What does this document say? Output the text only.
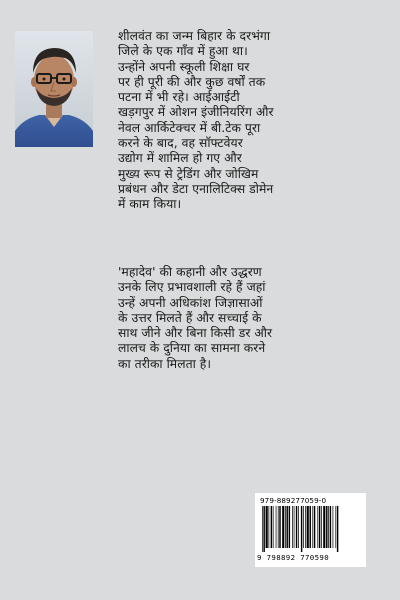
शीलवंत का जन्म बिहार के दरभंगा
जिले के एक गाँव में हुआ था।
उन्होंने अपनी स्कूली शिक्षा घर
पर ही पूरी की और कुछ वर्षों तक
पटना में भी रहे। आईआईटी
खड़गपुर में ओशन इंजीनियरिंग और
नेवल आर्किटेक्चर में बी.टेक पूरा
करने के बाद, वह सॉफ्टवेयर
उद्योग में शामिल हो गए और
मुख्य रूप से ट्रेडिंग और जोखिम
प्रबंधन और डेटा एनालिटिक्स डोमेन
में काम किया।

'महादेव' की कहानी और उद्धरण
उनके लिए प्रभावशाली रहे हैं जहां
उन्हें अपनी अधिकांश जिज्ञासाओं
के उत्तर मिलते हैं और सच्चाई के
साथ जीने और बिना किसी डर और
लालच के दुनिया का सामना करने
का तरीका मिलता है।

979-889277059-0
9 798892 770590
